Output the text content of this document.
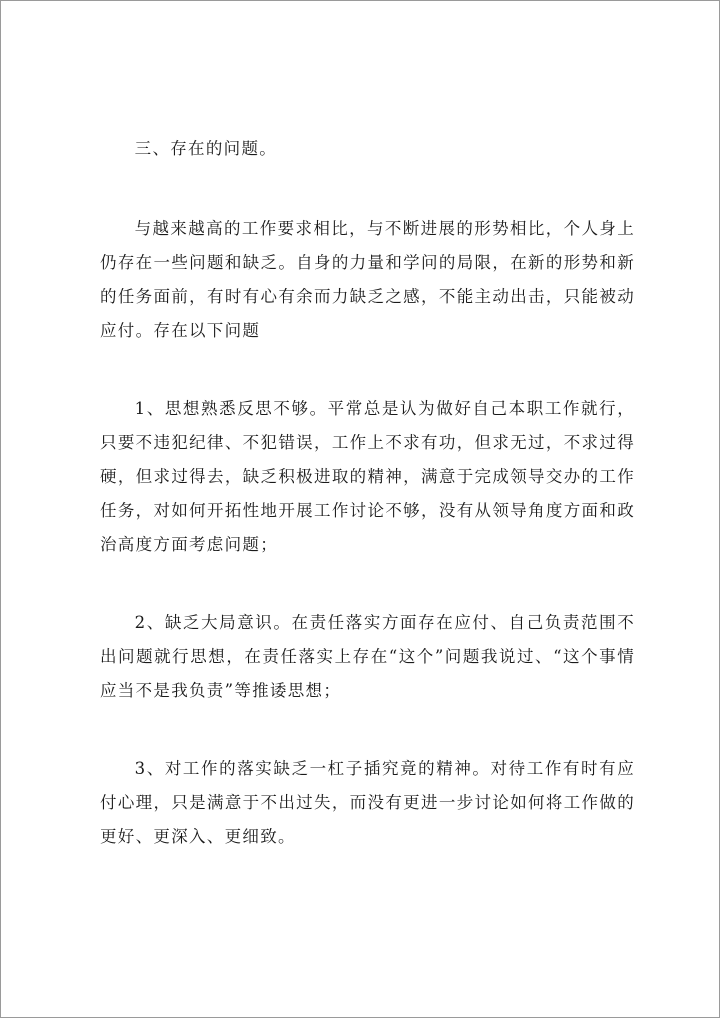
三、存在的问题。

与越来越高的工作要求相比，与不断进展的形势相比，个人身上仍存在一些问题和缺乏。自身的力量和学问的局限，在新的形势和新的任务面前，有时有心有余而力缺乏之感，不能主动出击，只能被动应付。存在以下问题

1、思想熟悉反思不够。平常总是认为做好自己本职工作就行，只要不违犯纪律、不犯错误，工作上不求有功，但求无过，不求过得硬，但求过得去，缺乏积极进取的精神，满意于完成领导交办的工作任务，对如何开拓性地开展工作讨论不够，没有从领导角度方面和政治高度方面考虑问题；

2、缺乏大局意识。在责任落实方面存在应付、自己负责范围不出问题就行思想，在责任落实上存在“这个”问题我说过、“这个事情应当不是我负责”等推诿思想；

3、对工作的落实缺乏一杠子插究竟的精神。对待工作有时有应付心理，只是满意于不出过失，而没有更进一步讨论如何将工作做的更好、更深入、更细致。
